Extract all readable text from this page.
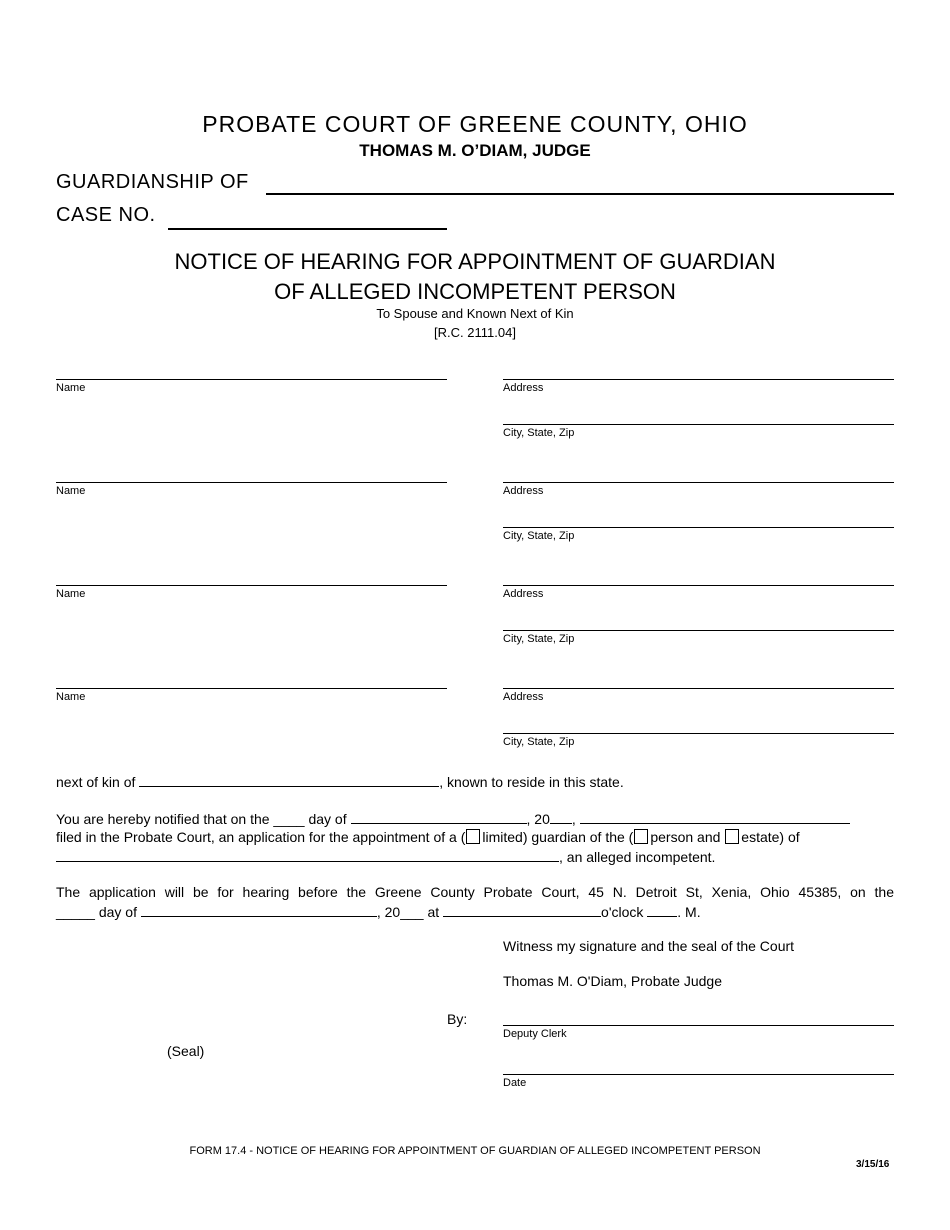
PROBATE COURT OF GREENE COUNTY, OHIO
THOMAS M. O’DIAM, JUDGE
GUARDIANSHIP OF
CASE NO.
NOTICE OF HEARING FOR APPOINTMENT OF GUARDIAN
OF ALLEGED INCOMPETENT PERSON
To Spouse and Known Next of Kin
[R.C. 2111.04]
Name	Address
City, State, Zip
Name	Address
City, State, Zip
Name	Address
City, State, Zip
Name	Address
City, State, Zip
next of kin of	, known to reside in this state.
You are hereby notified that on the ____ day of	, 20 ,
filed in the Probate Court, an application for the appointment of a ( limited) guardian of the ( person and estate) of
, an alleged incompetent.
The application will be for hearing before the Greene County Probate Court, 45 N. Detroit St, Xenia, Ohio 45385, on the
_____ day of	, 20___ at	o'clock . M.
Witness my signature and the seal of the Court
Thomas M. O'Diam, Probate Judge
By:
Deputy Clerk
(Seal)
Date
FORM 17.4 - NOTICE OF HEARING FOR APPOINTMENT OF GUARDIAN OF ALLEGED INCOMPETENT PERSON
3/15/16
